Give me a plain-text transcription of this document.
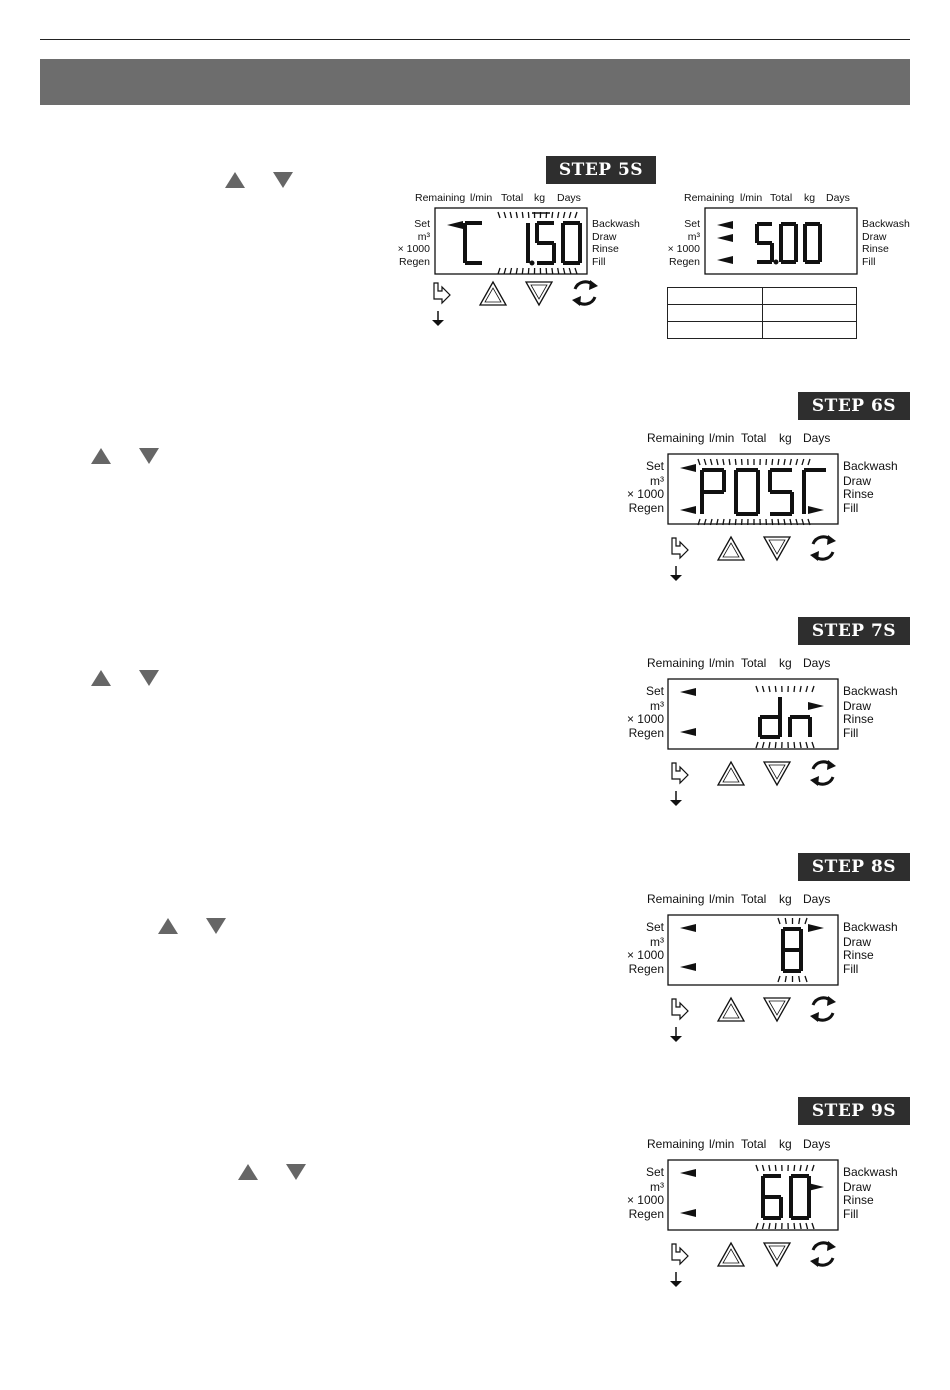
STEP 5S
STEP 6S
STEP 7S
STEP 8S
STEP 9S
Remaining l/min Total kg Days
Set
m³
× 1000
Regen
Backwash
Draw
Rinse
Fill
Remaining l/min Total kg Days
Set
m³
× 1000
Regen
Backwash
Draw
Rinse
Fill
Remaining l/min Total kg Days
Set
m³
× 1000
Regen
Backwash
Draw
Rinse
Fill
Remaining l/min Total kg Days
Set
m³
× 1000
Regen
Backwash
Draw
Rinse
Fill
Remaining l/min Total kg Days
Set
m³
× 1000
Regen
Backwash
Draw
Rinse
Fill
Remaining l/min Total kg Days
Set
m³
× 1000
Regen
Backwash
Draw
Rinse
Fill
